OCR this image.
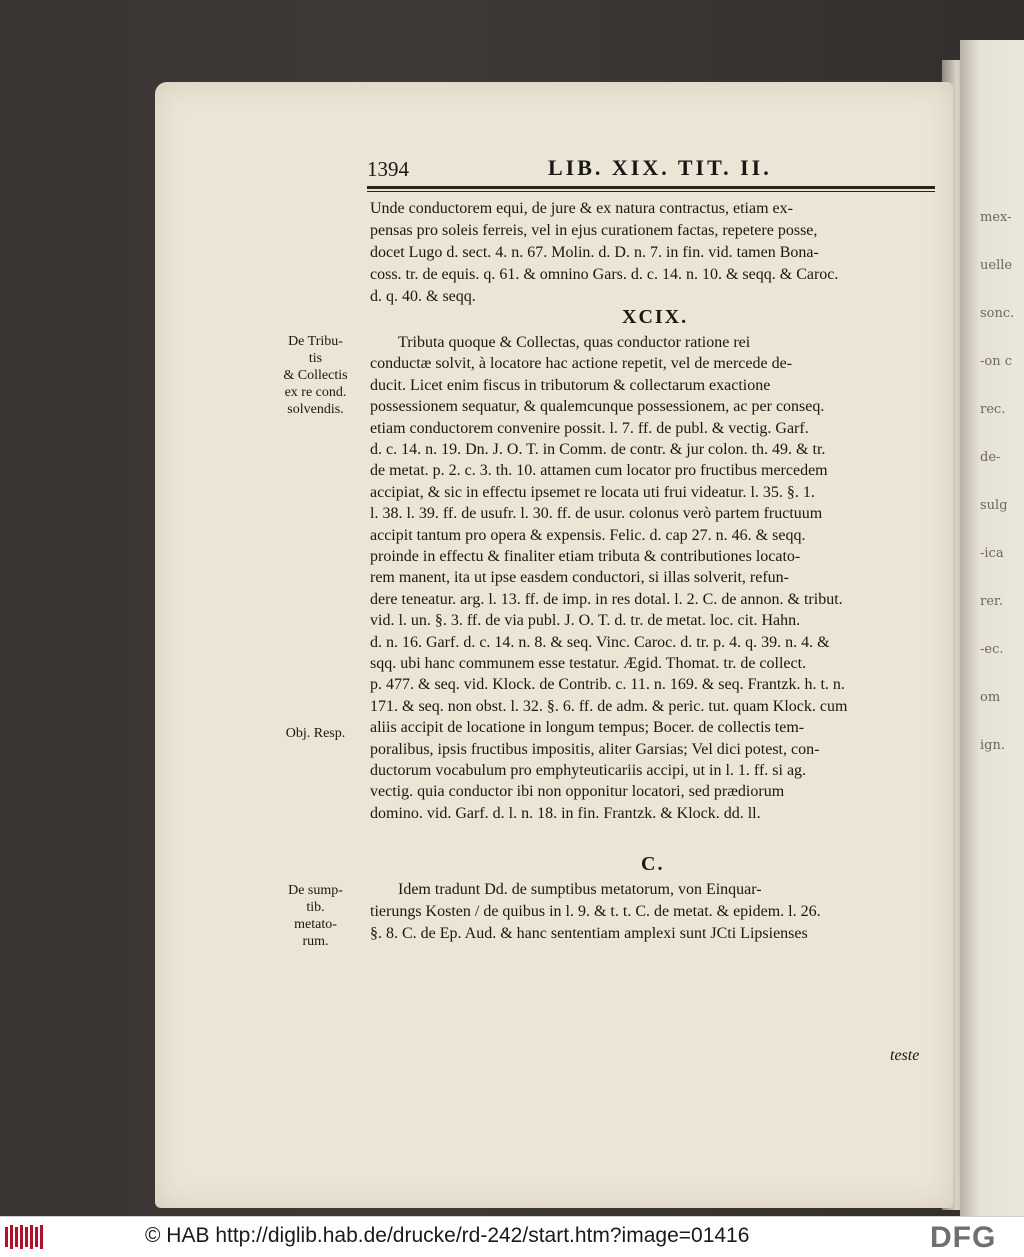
mex-
uelle
sonc.
-on c
rec.
de-
sulg
-ica
rer.
-ec.
om
ign.
1394	LIB. XIX. TIT. II.
Unde conductorem equi, de jure & ex natura contractus, etiam ex-
pensas pro soleis ferreis, vel in ejus curationem factas, repetere posse,
docet Lugo d. sect. 4. n. 67. Molin. d. D. n. 7. in fin. vid. tamen Bona-
coss. tr. de equis. q. 61. & omnino Gars. d. c. 14. n. 10. & seqq. & Caroc.
d. q. 40. & seqq.
XCIX.
Tributa quoque & Collectas, quas conductor ratione rei
conductæ solvit, à locatore hac actione repetit, vel de mercede de-
ducit. Licet enim fiscus in tributorum & collectarum exactione
possessionem sequatur, & qualemcunque possessionem, ac per conseq.
etiam conductorem convenire possit. l. 7. ff. de publ. & vectig. Garf.
d. c. 14. n. 19. Dn. J. O. T. in Comm. de contr. & jur colon. th. 49. & tr.
de metat. p. 2. c. 3. th. 10. attamen cum locator pro fructibus mercedem
accipiat, & sic in effectu ipsemet re locata uti frui videatur. l. 35. §. 1.
l. 38. l. 39. ff. de usufr. l. 30. ff. de usur. colonus verò partem fructuum
accipit tantum pro opera & expensis. Felic. d. cap 27. n. 46. & seqq.
proinde in effectu & finaliter etiam tributa & contributiones locato-
rem manent, ita ut ipse easdem conductori, si illas solverit, refun-
dere teneatur. arg. l. 13. ff. de imp. in res dotal. l. 2. C. de annon. & tribut.
vid. l. un. §. 3. ff. de via publ. J. O. T. d. tr. de metat. loc. cit. Hahn.
d. n. 16. Garf. d. c. 14. n. 8. & seq. Vinc. Caroc. d. tr. p. 4. q. 39. n. 4. &
sqq. ubi hanc communem esse testatur. Ægid. Thomat. tr. de collect.
p. 477. & seq. vid. Klock. de Contrib. c. 11. n. 169. & seq. Frantzk. h. t. n.
171. & seq. non obst. l. 32. §. 6. ff. de adm. & peric. tut. quam Klock. cum
aliis accipit de locatione in longum tempus; Bocer. de collectis tem-
poralibus, ipsis fructibus impositis, aliter Garsias; Vel dici potest, con-
ductorum vocabulum pro emphyteuticariis accipi, ut in l. 1. ff. si ag.
vectig. quia conductor ibi non opponitur locatori, sed prædiorum
domino. vid. Garf. d. l. n. 18. in fin. Frantzk. & Klock. dd. ll.
C.
Idem tradunt Dd. de sumptibus metatorum, von Einquar-
tierungs Kosten / de quibus in l. 9. & t. t. C. de metat. & epidem. l. 26.
§. 8. C. de Ep. Aud. & hanc sententiam amplexi sunt JCti Lipsienses
De Tribu-
tis
& Collectis
ex re cond.
solvendis.
Obj. Resp.
De sump-
tib.
metato-
rum.
teste
© HAB http://diglib.hab.de/drucke/rd-242/start.htm?image=01416	DFG
